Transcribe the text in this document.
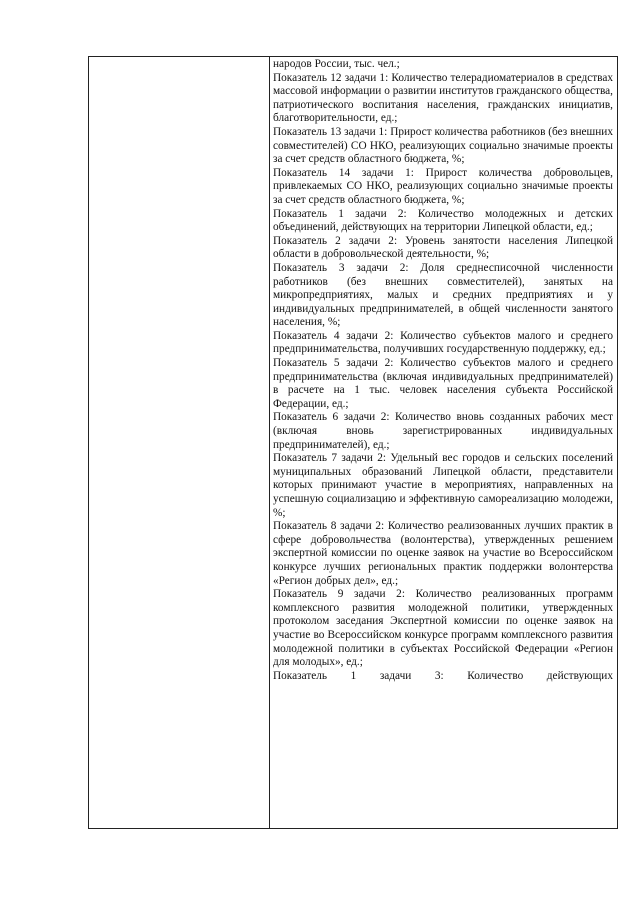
народов России, тыс. чел.;

Показатель 12 задачи 1: Количество телерадиоматериалов в средствах массовой информации о развитии институтов гражданского общества, патриотического воспитания населения, гражданских инициатив, благотворительности, ед.;

Показатель 13 задачи 1: Прирост количества работников (без внешних совместителей) СО НКО, реализующих социально значимые проекты за счет средств областного бюджета, %;

Показатель 14 задачи 1: Прирост количества добровольцев, привлекаемых СО НКО, реализующих социально значимые проекты за счет средств областного бюджета, %;

Показатель 1 задачи 2: Количество молодежных и детских объединений, действующих на территории Липецкой области, ед.;

Показатель 2 задачи 2: Уровень занятости населения Липецкой области в добровольческой деятельности, %;

Показатель 3 задачи 2: Доля среднесписочной численности работников (без внешних совместителей), занятых на микропредприятиях, малых и средних предприятиях и у индивидуальных предпринимателей, в общей численности занятого населения, %;

Показатель 4 задачи 2: Количество субъектов малого и среднего предпринимательства, получивших государственную поддержку, ед.;

Показатель 5 задачи 2: Количество субъектов малого и среднего предпринимательства (включая индивидуальных предпринимателей) в расчете на 1 тыс. человек населения субъекта Российской Федерации, ед.;

Показатель 6 задачи 2: Количество вновь созданных рабочих мест (включая вновь зарегистрированных индивидуальных предпринимателей), ед.;

Показатель 7 задачи 2: Удельный вес городов и сельских поселений муниципальных образований Липецкой области, представители которых принимают участие в мероприятиях, направленных на успешную социализацию и эффективную самореализацию молодежи, %;

Показатель 8 задачи 2: Количество реализованных лучших практик в сфере добровольчества (волонтерства), утвержденных решением экспертной комиссии по оценке заявок на участие во Всероссийском конкурсе лучших региональных практик поддержки волонтерства «Регион добрых дел», ед.;

Показатель 9 задачи 2: Количество реализованных программ комплексного развития молодежной политики, утвержденных протоколом заседания Экспертной комиссии по оценке заявок на участие во Всероссийском конкурсе программ комплексного развития молодежной политики в субъектах Российской Федерации «Регион для молодых», ед.;

Показатель 1 задачи 3: Количество действующих
